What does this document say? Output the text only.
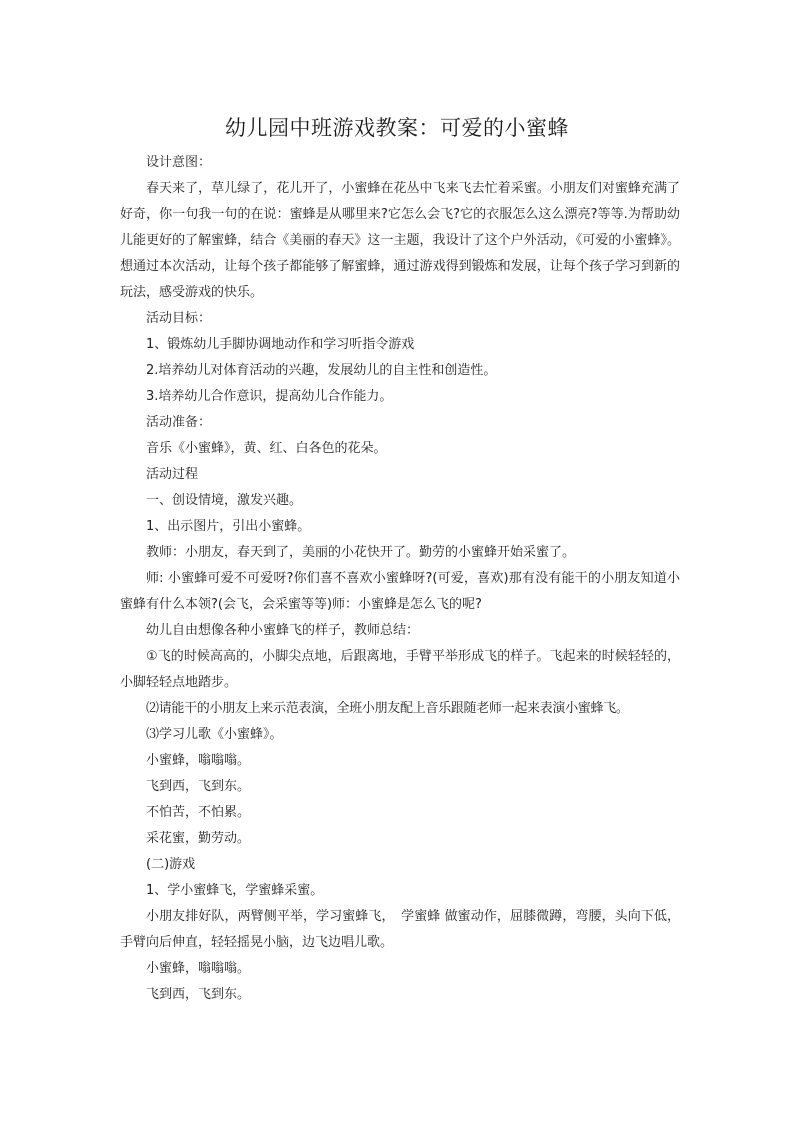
幼儿园中班游戏教案：可爱的小蜜蜂

设计意图：

春天来了，草儿绿了，花儿开了，小蜜蜂在花丛中飞来飞去忙着采蜜。小朋友们对蜜蜂充满了好奇，你一句我一句的在说：蜜蜂是从哪里来?它怎么会飞?它的衣服怎么这么漂亮?等等.为帮助幼儿能更好的了解蜜蜂，结合《美丽的春天》这一主题，我设计了这个户外活动，《可爱的小蜜蜂》。想通过本次活动，让每个孩子都能够了解蜜蜂，通过游戏得到锻炼和发展，让每个孩子学习到新的玩法，感受游戏的快乐。

活动目标：

1、锻炼幼儿手脚协调地动作和学习听指令游戏

2.培养幼儿对体育活动的兴趣，发展幼儿的自主性和创造性。

3.培养幼儿合作意识，提高幼儿合作能力。

活动准备：

音乐《小蜜蜂》，黄、红、白各色的花朵。

活动过程

一、创设情境，激发兴趣。

1、出示图片，引出小蜜蜂。

教师：小朋友，春天到了，美丽的小花快开了。勤劳的小蜜蜂开始采蜜了。

师: 小蜜蜂可爱不可爱呀?你们喜不喜欢小蜜蜂呀?(可爱，喜欢)那有没有能干的小朋友知道小蜜蜂有什么本领?(会飞，会采蜜等等)师：小蜜蜂是怎么飞的呢?

幼儿自由想像各种小蜜蜂飞的样子，教师总结：

①飞的时候高高的，小脚尖点地，后跟离地，手臂平举形成飞的样子。飞起来的时候轻轻的，小脚轻轻点地踏步。

⑵请能干的小朋友上来示范表演，全班小朋友配上音乐跟随老师一起来表演小蜜蜂飞。

⑶学习儿歌《小蜜蜂》。

小蜜蜂，嗡嗡嗡。

飞到西，飞到东。

不怕苦，不怕累。

采花蜜，勤劳动。

(二)游戏

1、学小蜜蜂飞，学蜜蜂采蜜。

小朋友排好队，两臂侧平举，学习蜜蜂飞，　学蜜蜂 做蜜动作，屈膝微蹲，弯腰，头向下低，手臂向后伸直，轻轻摇晃小脑，边飞边唱儿歌。

小蜜蜂，嗡嗡嗡。

飞到西，飞到东。
